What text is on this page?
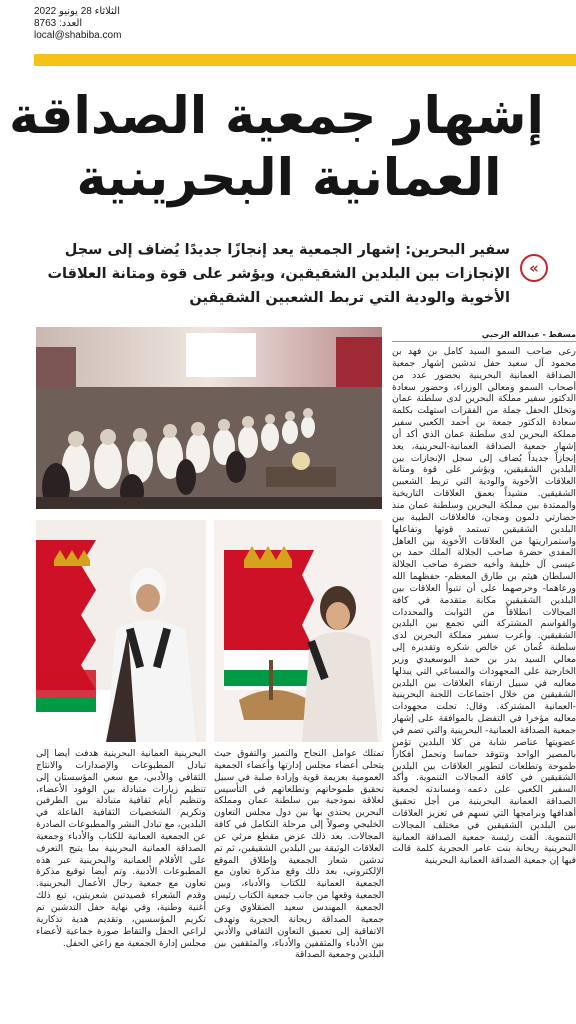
الثلاثاء 28 يونيو 2022
العدد: 8763
local@shabiba.com
إشهار جمعية الصداقة
العمانية البحرينية
سفير البحرين: إشهار الجمعية يعد إنجازًا جديدًا يُضاف إلى سجل الإنجازات بين البلدين الشقيقين، ويؤشر على قوة ومتانة العلاقات الأخوية والودية التي تربط الشعبين الشقيقين
«
مسقط - عبدالله الرحبي

رعى صاحب السمو السيد كامل بن فهد بن محمود آل سعيد حفل تدشين إشهار جمعية الصداقة العمانية البحرينية بحضور عدد من أصحاب السمو ومعالي الوزراء، وحضور سعادة الدكتور سفير مملكة البحرين لدى سلطنة عمان وتخلل الحفل جملة من الفقرات استهلت بكلمة سعادة الدكتور جمعة بن أحمد الكعبي سفير مملكة البحرين لدى سلطنة عمان الذي أكد أن إشهار جمعية الصداقة العمانية-البحرينية، يعد إنجازاً جديداً يُضاف إلى سجل الإنجازات بين البلدين الشقيقين، ويؤشر على قوة ومتانة العلاقات الأخوية والودية التي تربط الشعبين الشقيقين. مشيداً بعمق العلاقات التاريخية والممتدة بين مملكة البحرين وسلطنة عمان منذ حضارتي دلمون ومجان، فالعلاقات الطيبة بين البلدين الشقيقين تستمد قوتها وتفاعلها واستمراريتها من العلاقات الأخوية بين العاهل المفدى حضرة صاحب الجلالة الملك حمد بن عيسى آل خليفة وأخيه حضرة صاحب الجلالة السلطان هيثم بن طارق المعظم- حفظهما الله ورعاهما- وحرصهما على أن تتبوأ العلاقات بين البلدين الشقيقين مكانة متقدمة في كافة المجالات انطلاقاً من الثوابت والمحددات والقواسم المشتركة التي تجمع بين البلدين الشقيقين. وأعرب سفير مملكة البحرين لدى سلطنة عُمان عن خالص شكره وتقديره إلى معالي السيد بدر بن حمد البوسعيدي وزير الخارجية على المجهودات والمساعي التي يبذلها معاليه في سبيل ارتقاء العلاقات بين البلدين الشقيقين من خلال اجتماعات اللجنة البحرينية -العمانية المشتركة. وقال: تجلت مجهودات معاليه مؤخرا في التفضل بالموافقة على إشهار جمعية الصداقة العمانية- البحرينية والتي تضم في عضويتها عناصر شابة من كلا البلدين تؤمن بالمصير الواحد وتتوقد حماسا وتحمل أفكاراً طموحة وتطلعات لتطوير العلاقات بين البلدين الشقيقين في كافة المجالات التنموية. وأكد السفير الكعبي على دعمه ومساندته لجمعية الصداقة العمانية البحرينية من أجل تحقيق أهدافها وبرامجها التي تسهم في تعزيز العلاقات بين البلدين الشقيقين في مختلف المجالات التنموية. ألقت رئيسة جمعية الصداقة العمانية البحرينية ريحانة بنت عامر الحجرية كلمة قالت فيها إن جمعية الصداقة العمانية البحرينية

تمتلك عوامل النجاح والتميز والتفوق حيث يتحلى أعضاء مجلس إدارتها وأعضاء الجمعية العمومية بعزيمة قوية وإرادة صلبة في سبيل تحقيق طموحاتهم وتطلعاتهم في التأسيس لعلاقة نموذجية بين سلطنة عمان ومملكة البحرين يحتذى بها بين دول مجلس التعاون الخليجي وصولاً إلى مرحلة التكامل في كافة المجالات. بعد ذلك عرض مقطع مرئي عن العلاقات الوثيقة بين البلدين الشقيقين، ثم تم تدشين شعار الجمعية وإطلاق الموقع الإلكتروني، بعد ذلك وقع مذكرة تعاون مع الجمعية العمانية للكتاب والأدباء، وبين الجمعية وقعها من جانب جمعية الكتاب رئيس الجمعية المهندس سعيد الصقلاوي وعن جمعية الصداقة ريحانة الحجرية وتهدف الاتفاقية إلى تعميق التعاون الثقافي والأدبي بين الأدباء والمثقفين والأدباء، والمثقفين بين البلدين وجمعية الصداقة

البحرينية العمانية البحرينية هدفت أيضا إلى تبادل المطبوعات والإصدارات والانتاج الثقافي والأدبي، مع سعي المؤسستان إلى تنظيم زيارات متبادلة بين الوفود الأعضاء، وتنظيم أيام ثقافية متبادلة بين الطرفين وتكريم الشخصيات الثقافية الفاعلة في البلدين، مع تبادل النشر والمطبوعات الصادرة عن الجمعية العمانية للكتاب والأدباء وجمعية الصداقة العمانية البحرينية بما يتيح التعرف على الأقلام العمانية والبحرينية عبر هذه المطبوعات الأدبية. وتم أيضا توقيع مذكرة تعاون مع جمعية رجال الأعمال البحرينية. وقدم الشعراء قصيدتين شعريتين، تبع ذلك أغنية وطنية، وفي نهاية حفل التدشين تم تكريم المؤسسين، وتقديم هدية تذكارية لراعي الحفل والتقاط صورة جماعية لأعضاء مجلس إدارة الجمعية مع راعي الحفل.
